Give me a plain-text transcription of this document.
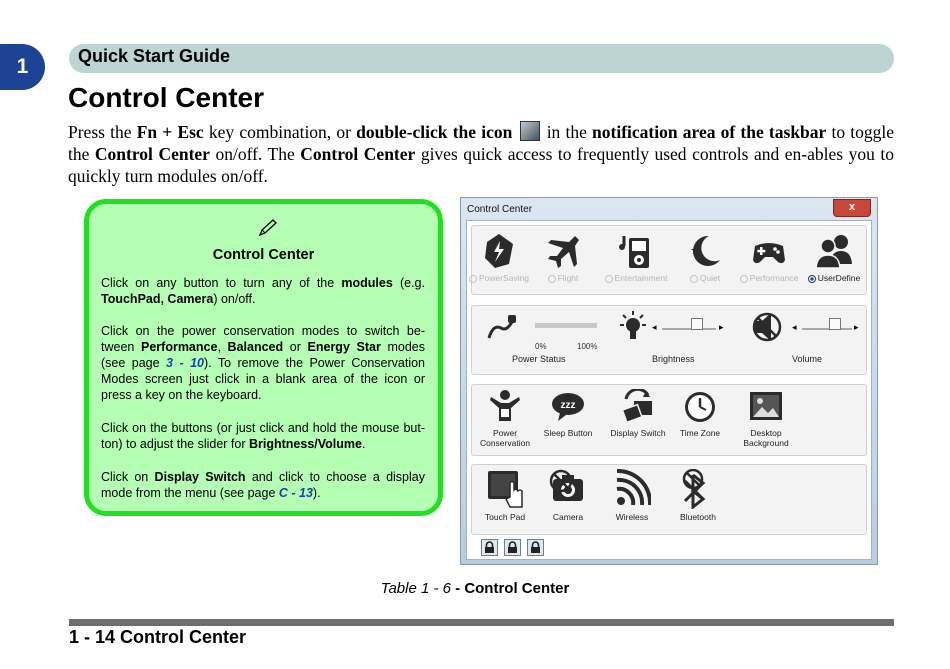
1	Quick Start Guide
Control Center

Press the Fn + Esc key combination, or double-click the icon  in the notification area of the taskbar to toggle the Control Center on/off. The Control Center gives quick access to frequently used controls and en-ables you to quickly turn modules on/off.

Control Center

Click on any button to turn any of the modules (e.g. TouchPad, Camera) on/off.

Click on the power conservation modes to switch be-tween Performance, Balanced or Energy Star modes (see page 3 - 10). To remove the Power Conservation Modes screen just click in a blank area of the icon or press a key on the keyboard.

Click on the buttons (or just click and hold the mouse but-ton) to adjust the slider for Brightness/Volume.

Click on Display Switch and click to choose a display mode from the menu (see page C - 13).

Control Center	x
PowerSaving	Flight	Entertainment	Quiet	Performance	UserDefine
0%	100%
Power Status
◂	▸
Brightness
◂	▸
Volume
Power Conservation
zzz
Sleep Button	Display Switch	Time Zone	Desktop Background
Touch Pad	Camera	Wireless	Bluetooth
Table 1 - 6 - Control Center
1 - 14 Control Center
